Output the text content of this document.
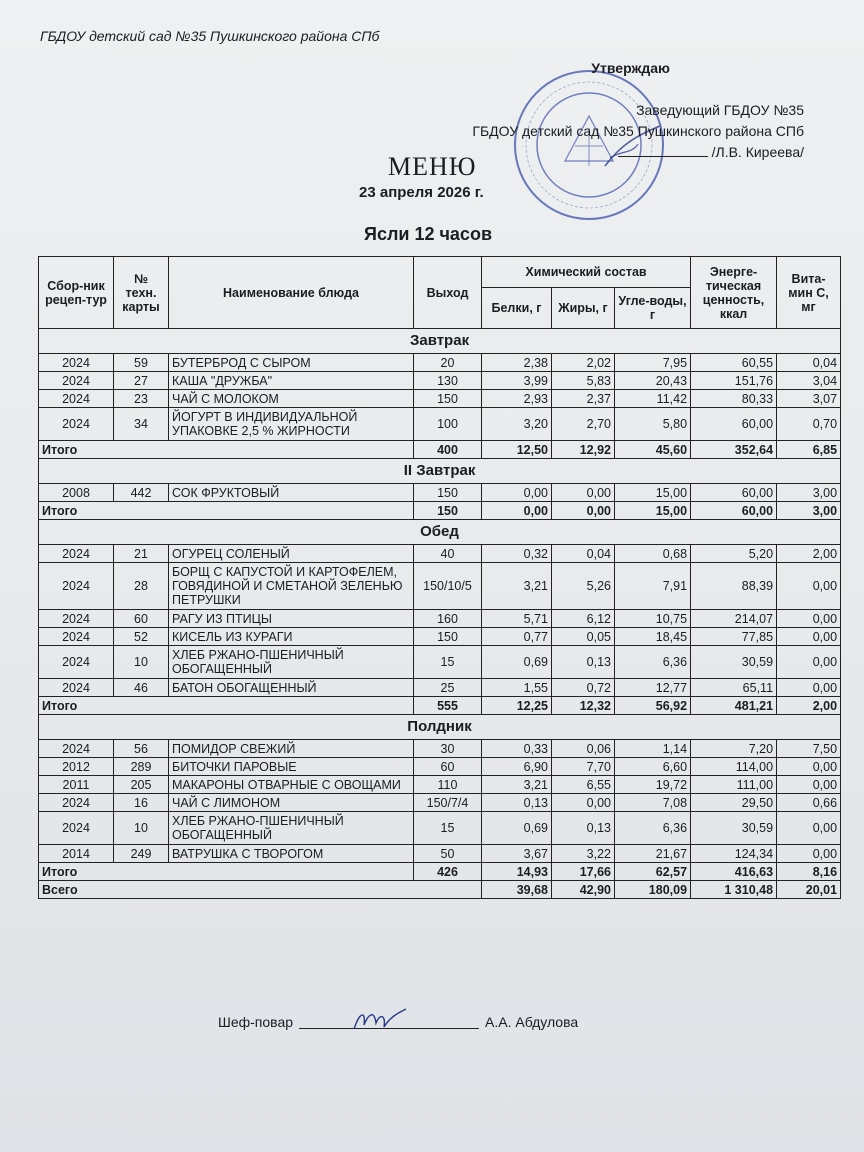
ГБДОУ детский сад №35 Пушкинского района СПб
Утверждаю

Заведующий ГБДОУ №35
ГБДОУ детский сад №35 Пушкинского района СПб
/Л.В. Киреева/
МЕНЮ
23 апреля 2026 г.
Ясли 12 часов
Сбор-ник рецеп-тур	№ техн. карты	Наименование блюда	Выход	Химический состав			Энерге-тическая ценность, ккал	Вита-мин С, мг
				Белки, г	Жиры, г	Угле-воды, г		
Завтрак								
2024	59	БУТЕРБРОД С СЫРОМ	20	2,38	2,02	7,95	60,55	0,04
2024	27	КАША "ДРУЖБА"	130	3,99	5,83	20,43	151,76	3,04
2024	23	ЧАЙ С МОЛОКОМ	150	2,93	2,37	11,42	80,33	3,07
2024	34	ЙОГУРТ В ИНДИВИДУАЛЬНОЙ УПАКОВКЕ 2,5 % ЖИРНОСТИ	100	3,20	2,70	5,80	60,00	0,70
Итого			400	12,50	12,92	45,60	352,64	6,85
II Завтрак								
2008	442	СОК ФРУКТОВЫЙ	150	0,00	0,00	15,00	60,00	3,00
Итого			150	0,00	0,00	15,00	60,00	3,00
Обед								
2024	21	ОГУРЕЦ СОЛЕНЫЙ	40	0,32	0,04	0,68	5,20	2,00
2024	28	БОРЩ С КАПУСТОЙ И КАРТОФЕЛЕМ, ГОВЯДИНОЙ И СМЕТАНОЙ ЗЕЛЕНЬЮ ПЕТРУШКИ	150/10/5	3,21	5,26	7,91	88,39	0,00
2024	60	РАГУ ИЗ ПТИЦЫ	160	5,71	6,12	10,75	214,07	0,00
2024	52	КИСЕЛЬ ИЗ КУРАГИ	150	0,77	0,05	18,45	77,85	0,00
2024	10	ХЛЕБ РЖАНО-ПШЕНИЧНЫЙ ОБОГАЩЕННЫЙ	15	0,69	0,13	6,36	30,59	0,00
2024	46	БАТОН ОБОГАЩЕННЫЙ	25	1,55	0,72	12,77	65,11	0,00
Итого			555	12,25	12,32	56,92	481,21	2,00
Полдник								
2024	56	ПОМИДОР СВЕЖИЙ	30	0,33	0,06	1,14	7,20	7,50
2012	289	БИТОЧКИ ПАРОВЫЕ	60	6,90	7,70	6,60	114,00	0,00
2011	205	МАКАРОНЫ ОТВАРНЫЕ С ОВОЩАМИ	110	3,21	6,55	19,72	111,00	0,00
2024	16	ЧАЙ С ЛИМОНОМ	150/7/4	0,13	0,00	7,08	29,50	0,66
2024	10	ХЛЕБ РЖАНО-ПШЕНИЧНЫЙ ОБОГАЩЕННЫЙ	15	0,69	0,13	6,36	30,59	0,00
2014	249	ВАТРУШКА С ТВОРОГОМ	50	3,67	3,22	21,67	124,34	0,00
Итого			426	14,93	17,66	62,57	416,63	8,16
Всего				39,68	42,90	180,09	1 310,48	20,01
Шеф-повар	А.А. Абдулова
